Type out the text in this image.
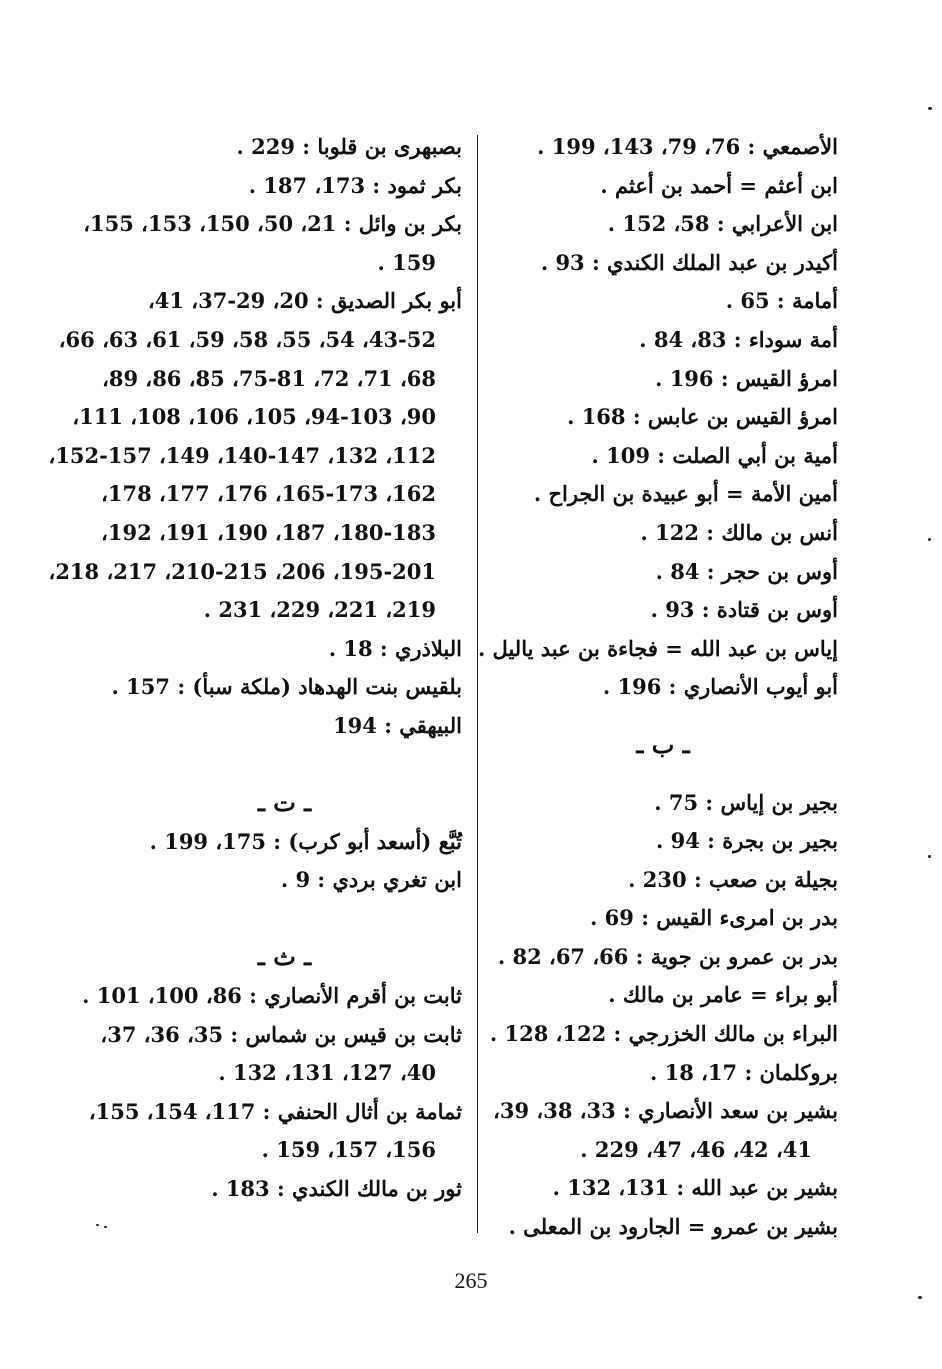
الأصمعي : 76، 79، 143، 199 .

ابن أعثم = أحمد بن أعثم .

ابن الأعرابي : 58، 152 .

أكيدر بن عبد الملك الكندي : 93 .

أمامة : 65 .

أمة سوداء : 83، 84 .

امرؤ القيس : 196 .

امرؤ القيس بن عابس : 168 .

أمية بن أبي الصلت : 109 .

أمين الأمة = أبو عبيدة بن الجراح .

أنس بن مالك : 122 .

أوس بن حجر : 84 .

أوس بن قتادة : 93 .

إياس بن عبد الله = فجاءة بن عبد ياليل .

أبو أيوب الأنصاري : 196 .

ـ ب ـ

بجير بن إياس : 75 .

بجير بن بجرة : 94 .

بجيلة بن صعب : 230 .

بدر بن امرىء القيس : 69 .

بدر بن عمرو بن جوية : 66، 67، 82 .

أبو براء = عامر بن مالك .

البراء بن مالك الخزرجي : 122، 128 .

بروكلمان : 17، 18 .

بشير بن سعد الأنصاري : 33، 38، 39،

41، 42، 46، 47، 229 .

بشير بن عبد الله : 131، 132 .

بشير بن عمرو = الجارود بن المعلى .

بصبهرى بن قلوبا : 229 .

بكر ثمود : 173، 187 .

بكر بن وائل : 21، 50، 150، 153، 155،

159 .

أبو بكر الصديق : 20، 29-37، 41،

43-52، 54، 55، 58، 59، 61، 63، 66،

68، 71، 72، 75-81، 85، 86، 89،

90، 94-103، 105، 106، 108، 111،

112، 132، 140-147، 149، 152-157،

162، 165-173، 176، 177، 178،

180-183، 187، 190، 191، 192،

195-201، 206، 210-215، 217، 218،

219، 221، 229، 231 .

البلاذري : 18 .

بلقيس بنت الهدهاد (ملكة سبأ) : 157 .

البيهقي : 194

ـ ت ـ

تُبَّع (أسعد أبو كرب) : 175، 199 .

ابن تغري بردي : 9 .

ـ ث ـ

ثابت بن أقرم الأنصاري : 86، 100، 101 .

ثابت بن قيس بن شماس : 35، 36، 37،

40، 127، 131، 132 .

ثمامة بن أثال الحنفي : 117، 154، 155،

156، 157، 159 .

ثور بن مالك الكندي : 183 .

265
